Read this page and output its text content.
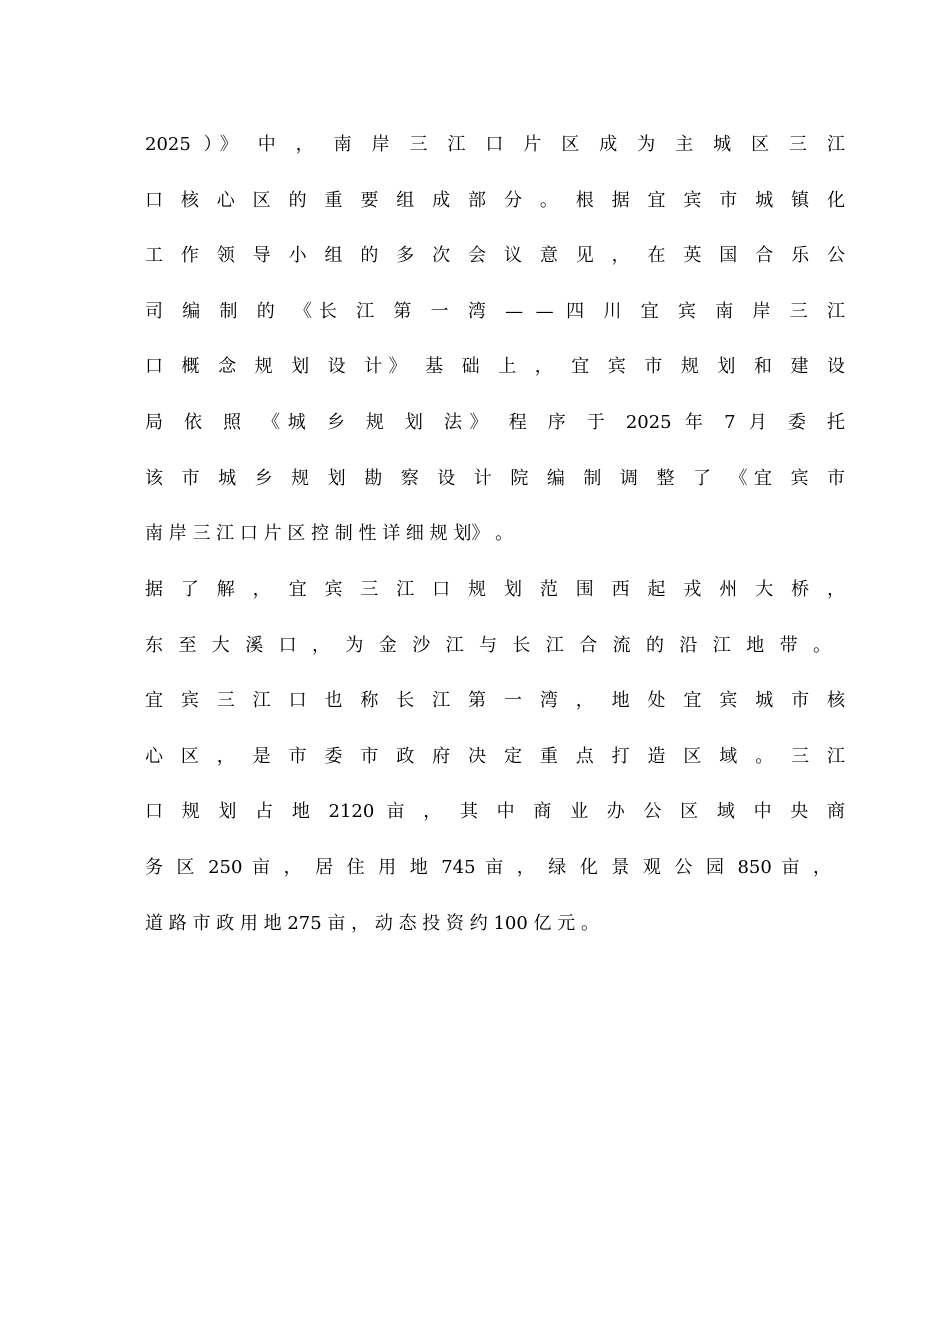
2025 ）》 中 ， 南 岸 三 江 口 片 区 成 为 主 城 区 三 江
口 核 心 区 的 重 要 组 成 部 分 。 根 据 宜 宾 市 城 镇 化
工 作 领 导 小 组 的 多 次 会 议 意 见 ， 在 英 国 合 乐 公
司 编 制 的 《长 江 第 一 湾 — — 四 川 宜 宾 南 岸 三 江
口 概 念 规 划 设 计》 基 础 上 ， 宜 宾 市 规 划 和 建 设
局 依 照 《城 乡 规 划 法》 程 序 于 2025 年 7 月 委 托
该 市 城 乡 规 划 勘 察 设 计 院 编 制 调 整 了 《宜 宾 市
南 岸 三 江 口 片 区 控 制 性 详 细 规 划》 。
据 了 解 ， 宜 宾 三 江 口 规 划 范 围 西 起 戎 州 大 桥 ，
东 至 大 溪 口 ， 为 金 沙 江 与 长 江 合 流 的 沿 江 地 带 。
宜 宾 三 江 口 也 称 长 江 第 一 湾 ， 地 处 宜 宾 城 市 核
心 区 ， 是 市 委 市 政 府 决 定 重 点 打 造 区 域 。 三 江
口 规 划 占 地 2120 亩 ， 其 中 商 业 办 公 区 域 中 央 商
务 区 250 亩 ， 居 住 用 地 745 亩 ， 绿 化 景 观 公 园 850 亩 ，
道 路 市 政 用 地 275 亩 ， 动 态 投 资 约 100 亿 元 。
